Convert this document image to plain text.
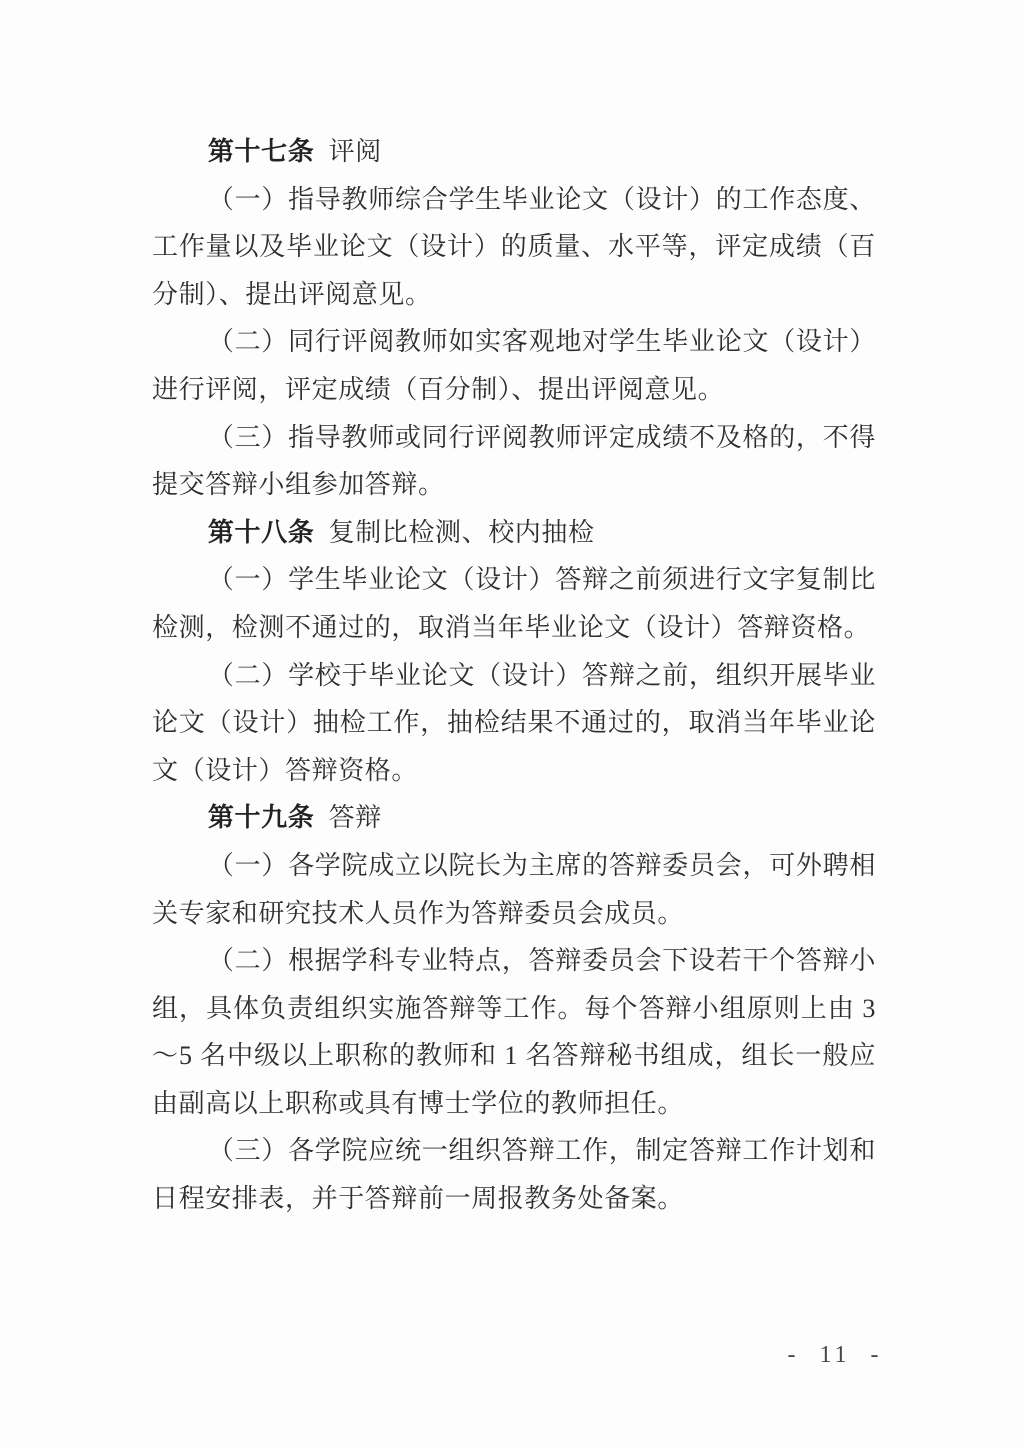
第十七条 评阅

（一）指导教师综合学生毕业论文（设计）的工作态度、工作量以及毕业论文（设计）的质量、水平等，评定成绩（百分制）、提出评阅意见。

（二）同行评阅教师如实客观地对学生毕业论文（设计）进行评阅，评定成绩（百分制）、提出评阅意见。

（三）指导教师或同行评阅教师评定成绩不及格的，不得提交答辩小组参加答辩。

第十八条 复制比检测、校内抽检

（一）学生毕业论文（设计）答辩之前须进行文字复制比检测，检测不通过的，取消当年毕业论文（设计）答辩资格。

（二）学校于毕业论文（设计）答辩之前，组织开展毕业论文（设计）抽检工作，抽检结果不通过的，取消当年毕业论文（设计）答辩资格。

第十九条 答辩

（一）各学院成立以院长为主席的答辩委员会，可外聘相关专家和研究技术人员作为答辩委员会成员。

（二）根据学科专业特点，答辩委员会下设若干个答辩小组，具体负责组织实施答辩等工作。每个答辩小组原则上由 3～5 名中级以上职称的教师和 1 名答辩秘书组成，组长一般应由副高以上职称或具有博士学位的教师担任。

（三）各学院应统一组织答辩工作，制定答辩工作计划和日程安排表，并于答辩前一周报教务处备案。

- 11 -
